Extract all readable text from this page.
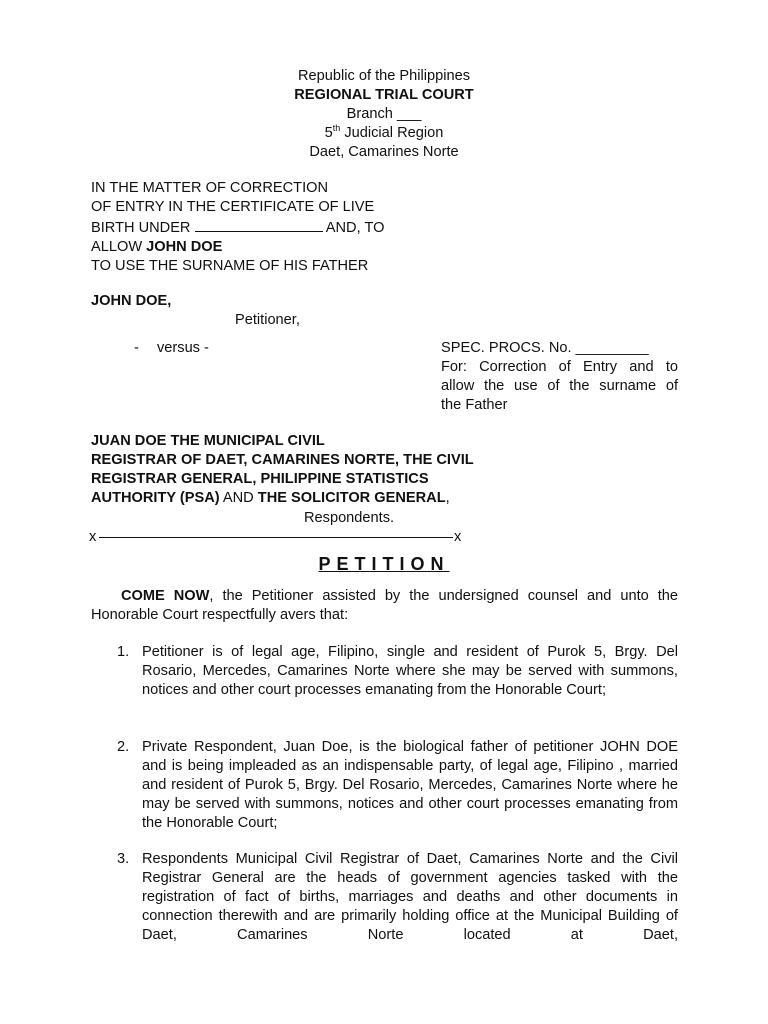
Republic of the Philippines
REGIONAL TRIAL COURT
Branch ___
5th Judicial Region
Daet, Camarines Norte
IN THE MATTER OF CORRECTION
OF ENTRY IN THE CERTIFICATE OF LIVE
BIRTH UNDER	AND, TO
ALLOW JOHN DOE
TO USE THE SURNAME OF HIS FATHER
JOHN DOE,
Petitioner,
- versus -	SPEC. PROCS. No. _________
For: Correction of Entry and to
allow the use of the surname of
the Father
JUAN DOE THE MUNICIPAL CIVIL
REGISTRAR OF DAET, CAMARINES NORTE, THE CIVIL
REGISTRAR GENERAL, PHILIPPINE STATISTICS
AUTHORITY (PSA) AND THE SOLICITOR GENERAL,
Respondents.
x	x
PETITION
COME NOW, the Petitioner assisted by the undersigned counsel and unto the Honorable Court respectfully avers that:
1. Petitioner is of legal age, Filipino, single and resident of Purok 5, Brgy. Del Rosario, Mercedes, Camarines Norte where she may be served with summons, notices and other court processes emanating from the Honorable Court;
2. Private Respondent, Juan Doe, is the biological father of petitioner JOHN DOE and is being impleaded as an indispensable party, of legal age, Filipino , married and resident of Purok 5, Brgy. Del Rosario, Mercedes, Camarines Norte where he may be served with summons, notices and other court processes emanating from the Honorable Court;
3. Respondents Municipal Civil Registrar of Daet, Camarines Norte and the Civil Registrar General are the heads of government agencies tasked with the registration of fact of births, marriages and deaths and other documents in connection therewith and are primarily holding office at the Municipal Building of Daet, Camarines Norte located at Daet,
